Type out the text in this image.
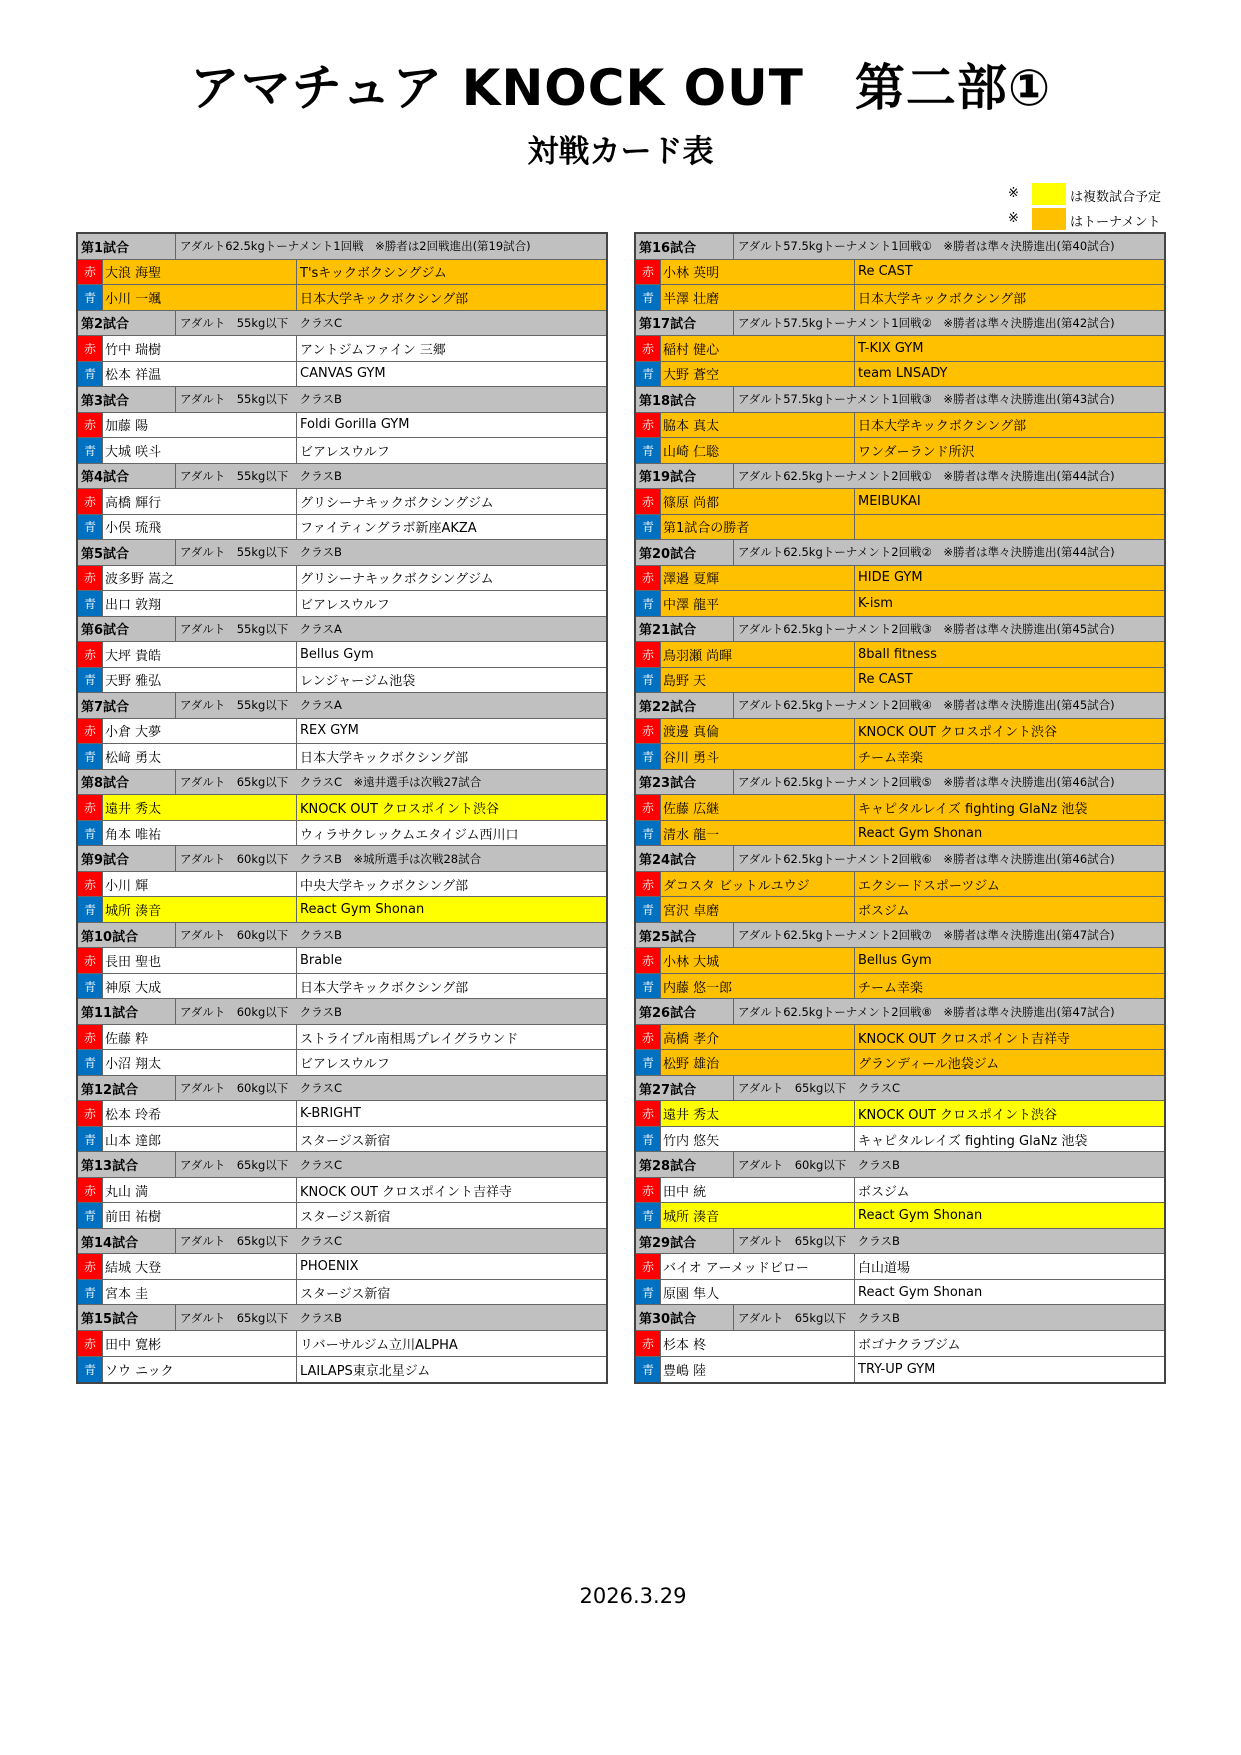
アマチュア KNOCK OUT　第二部①
対戦カード表
※	は複数試合予定
※	はトーナメント
第1試合	アダルト62.5kgトーナメント1回戦　※勝者は2回戦進出(第19試合)
赤 大浪 海聖	T'sキックボクシングジム
青 小川 一颯	日本大学キックボクシング部
第2試合	アダルト　55kg以下　クラスC
赤 竹中 瑞樹	アントジムファイン 三郷
青 松本 祥温	CANVAS GYM
第3試合	アダルト　55kg以下　クラスB
赤 加藤 陽	Foldi Gorilla GYM
青 大城 咲斗	ビアレスウルフ
第4試合	アダルト　55kg以下　クラスB
赤 高橋 輝行	グリシーナキックボクシングジム
青 小俣 琉飛	ファイティングラボ新座AKZA
第5試合	アダルト　55kg以下　クラスB
赤 波多野 嵩之	グリシーナキックボクシングジム
青 出口 敦翔	ビアレスウルフ
第6試合	アダルト　55kg以下　クラスA
赤 大坪 貴皓	Bellus Gym
青 天野 雅弘	レンジャージム池袋
第7試合	アダルト　55kg以下　クラスA
赤 小倉 大夢	REX GYM
青 松﨑 勇太	日本大学キックボクシング部
第8試合	アダルト　65kg以下　クラスC　※遠井選手は次戦27試合
赤 遠井 秀太	KNOCK OUT クロスポイント渋谷
青 角本 唯祐	ウィラサクレックムエタイジム西川口
第9試合	アダルト　60kg以下　クラスB　※城所選手は次戦28試合
赤 小川 輝	中央大学キックボクシング部
青 城所 湊音	React Gym Shonan
第10試合	アダルト　60kg以下　クラスB
赤 長田 聖也	Brable
青 神原 大成	日本大学キックボクシング部
第11試合	アダルト　60kg以下　クラスB
赤 佐藤 粋	ストライプル南相馬プレイグラウンド
青 小沼 翔太	ビアレスウルフ
第12試合	アダルト　60kg以下　クラスC
赤 松本 玲希	K-BRIGHT
青 山本 達郎	スタージス新宿
第13試合	アダルト　65kg以下　クラスC
赤 丸山 満	KNOCK OUT クロスポイント吉祥寺
青 前田 祐樹	スタージス新宿
第14試合	アダルト　65kg以下　クラスC
赤 結城 大登	PHOENIX
青 宮本 圭	スタージス新宿
第15試合	アダルト　65kg以下　クラスB
赤 田中 寛彬	リバーサルジム立川ALPHA
青 ソウ ニック	LAILAPS東京北星ジム
第16試合	アダルト57.5kgトーナメント1回戦①　※勝者は準々決勝進出(第40試合)
赤 小林 英明	Re CAST
青 半澤 壮磨	日本大学キックボクシング部
第17試合	アダルト57.5kgトーナメント1回戦②　※勝者は準々決勝進出(第42試合)
赤 稲村 健心	T-KIX GYM
青 大野 蒼空	team LNSADY
第18試合	アダルト57.5kgトーナメント1回戦③　※勝者は準々決勝進出(第43試合)
赤 脇本 真太	日本大学キックボクシング部
青 山崎 仁聡	ワンダーランド所沢
第19試合	アダルト62.5kgトーナメント2回戦①　※勝者は準々決勝進出(第44試合)
赤 篠原 尚都	MEIBUKAI
青 第1試合の勝者
第20試合	アダルト62.5kgトーナメント2回戦②　※勝者は準々決勝進出(第44試合)
赤 澤邉 夏輝	HIDE GYM
青 中澤 龍平	K-ism
第21試合	アダルト62.5kgトーナメント2回戦③　※勝者は準々決勝進出(第45試合)
赤 鳥羽瀬 尚暉	8ball fitness
青 島野 天	Re CAST
第22試合	アダルト62.5kgトーナメント2回戦④　※勝者は準々決勝進出(第45試合)
赤 渡邊 真倫	KNOCK OUT クロスポイント渋谷
青 谷川 勇斗	チーム幸楽
第23試合	アダルト62.5kgトーナメント2回戦⑤　※勝者は準々決勝進出(第46試合)
赤 佐藤 広継	キャピタルレイズ fighting GlaNz 池袋
青 清水 龍一	React Gym Shonan
第24試合	アダルト62.5kgトーナメント2回戦⑥　※勝者は準々決勝進出(第46試合)
赤 ダコスタ ビットルユウジ	エクシードスポーツジム
青 宮沢 卓磨	ボスジム
第25試合	アダルト62.5kgトーナメント2回戦⑦　※勝者は準々決勝進出(第47試合)
赤 小林 大城	Bellus Gym
青 内藤 悠一郎	チーム幸楽
第26試合	アダルト62.5kgトーナメント2回戦⑧　※勝者は準々決勝進出(第47試合)
赤 高橋 孝介	KNOCK OUT クロスポイント吉祥寺
青 松野 雄治	グランディール池袋ジム
第27試合	アダルト　65kg以下　クラスC
赤 遠井 秀太	KNOCK OUT クロスポイント渋谷
青 竹内 悠矢	キャピタルレイズ fighting GlaNz 池袋
第28試合	アダルト　60kg以下　クラスB
赤 田中 統	ボスジム
青 城所 湊音	React Gym Shonan
第29試合	アダルト　65kg以下　クラスB
赤 バイオ アーメッドビロー	白山道場
青 原園 隼人	React Gym Shonan
第30試合	アダルト　65kg以下　クラスB
赤 杉本 柊	ボゴナクラブジム
青 豊嶋 陸	TRY-UP GYM
2026.3.29
